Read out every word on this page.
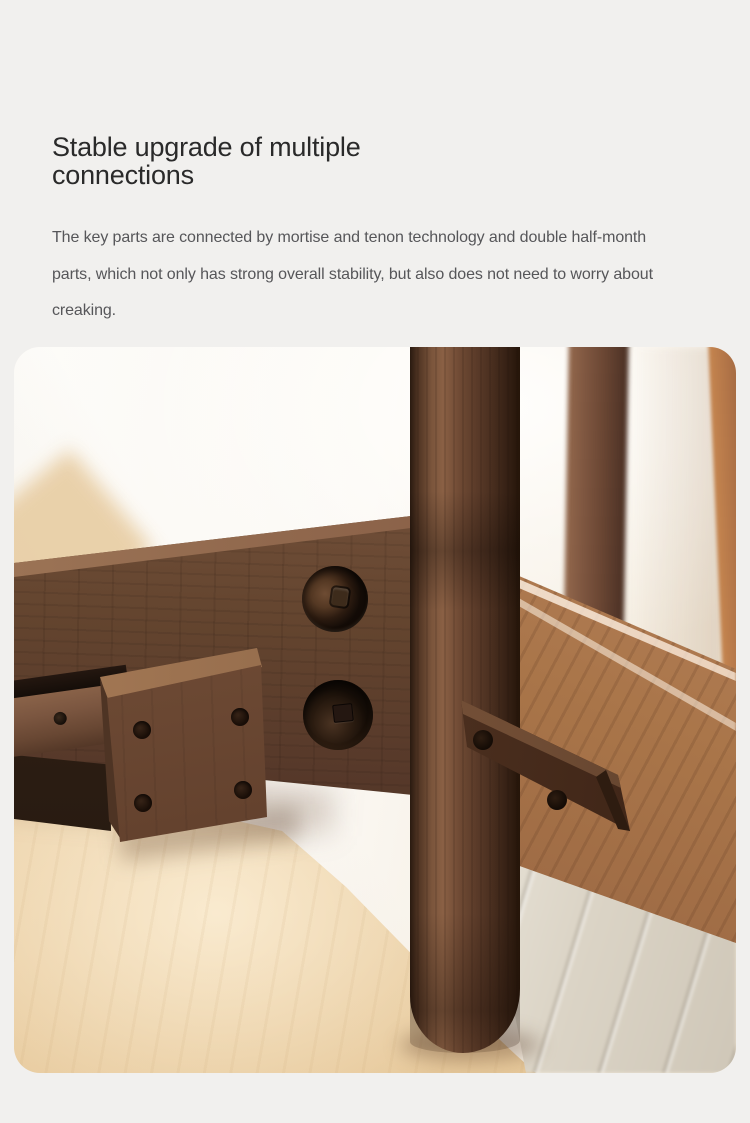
Stable upgrade of multiple
connections

The key parts are connected by mortise and tenon technology and double half-month
parts, which not only has strong overall stability, but also does not need to worry about
creaking.
